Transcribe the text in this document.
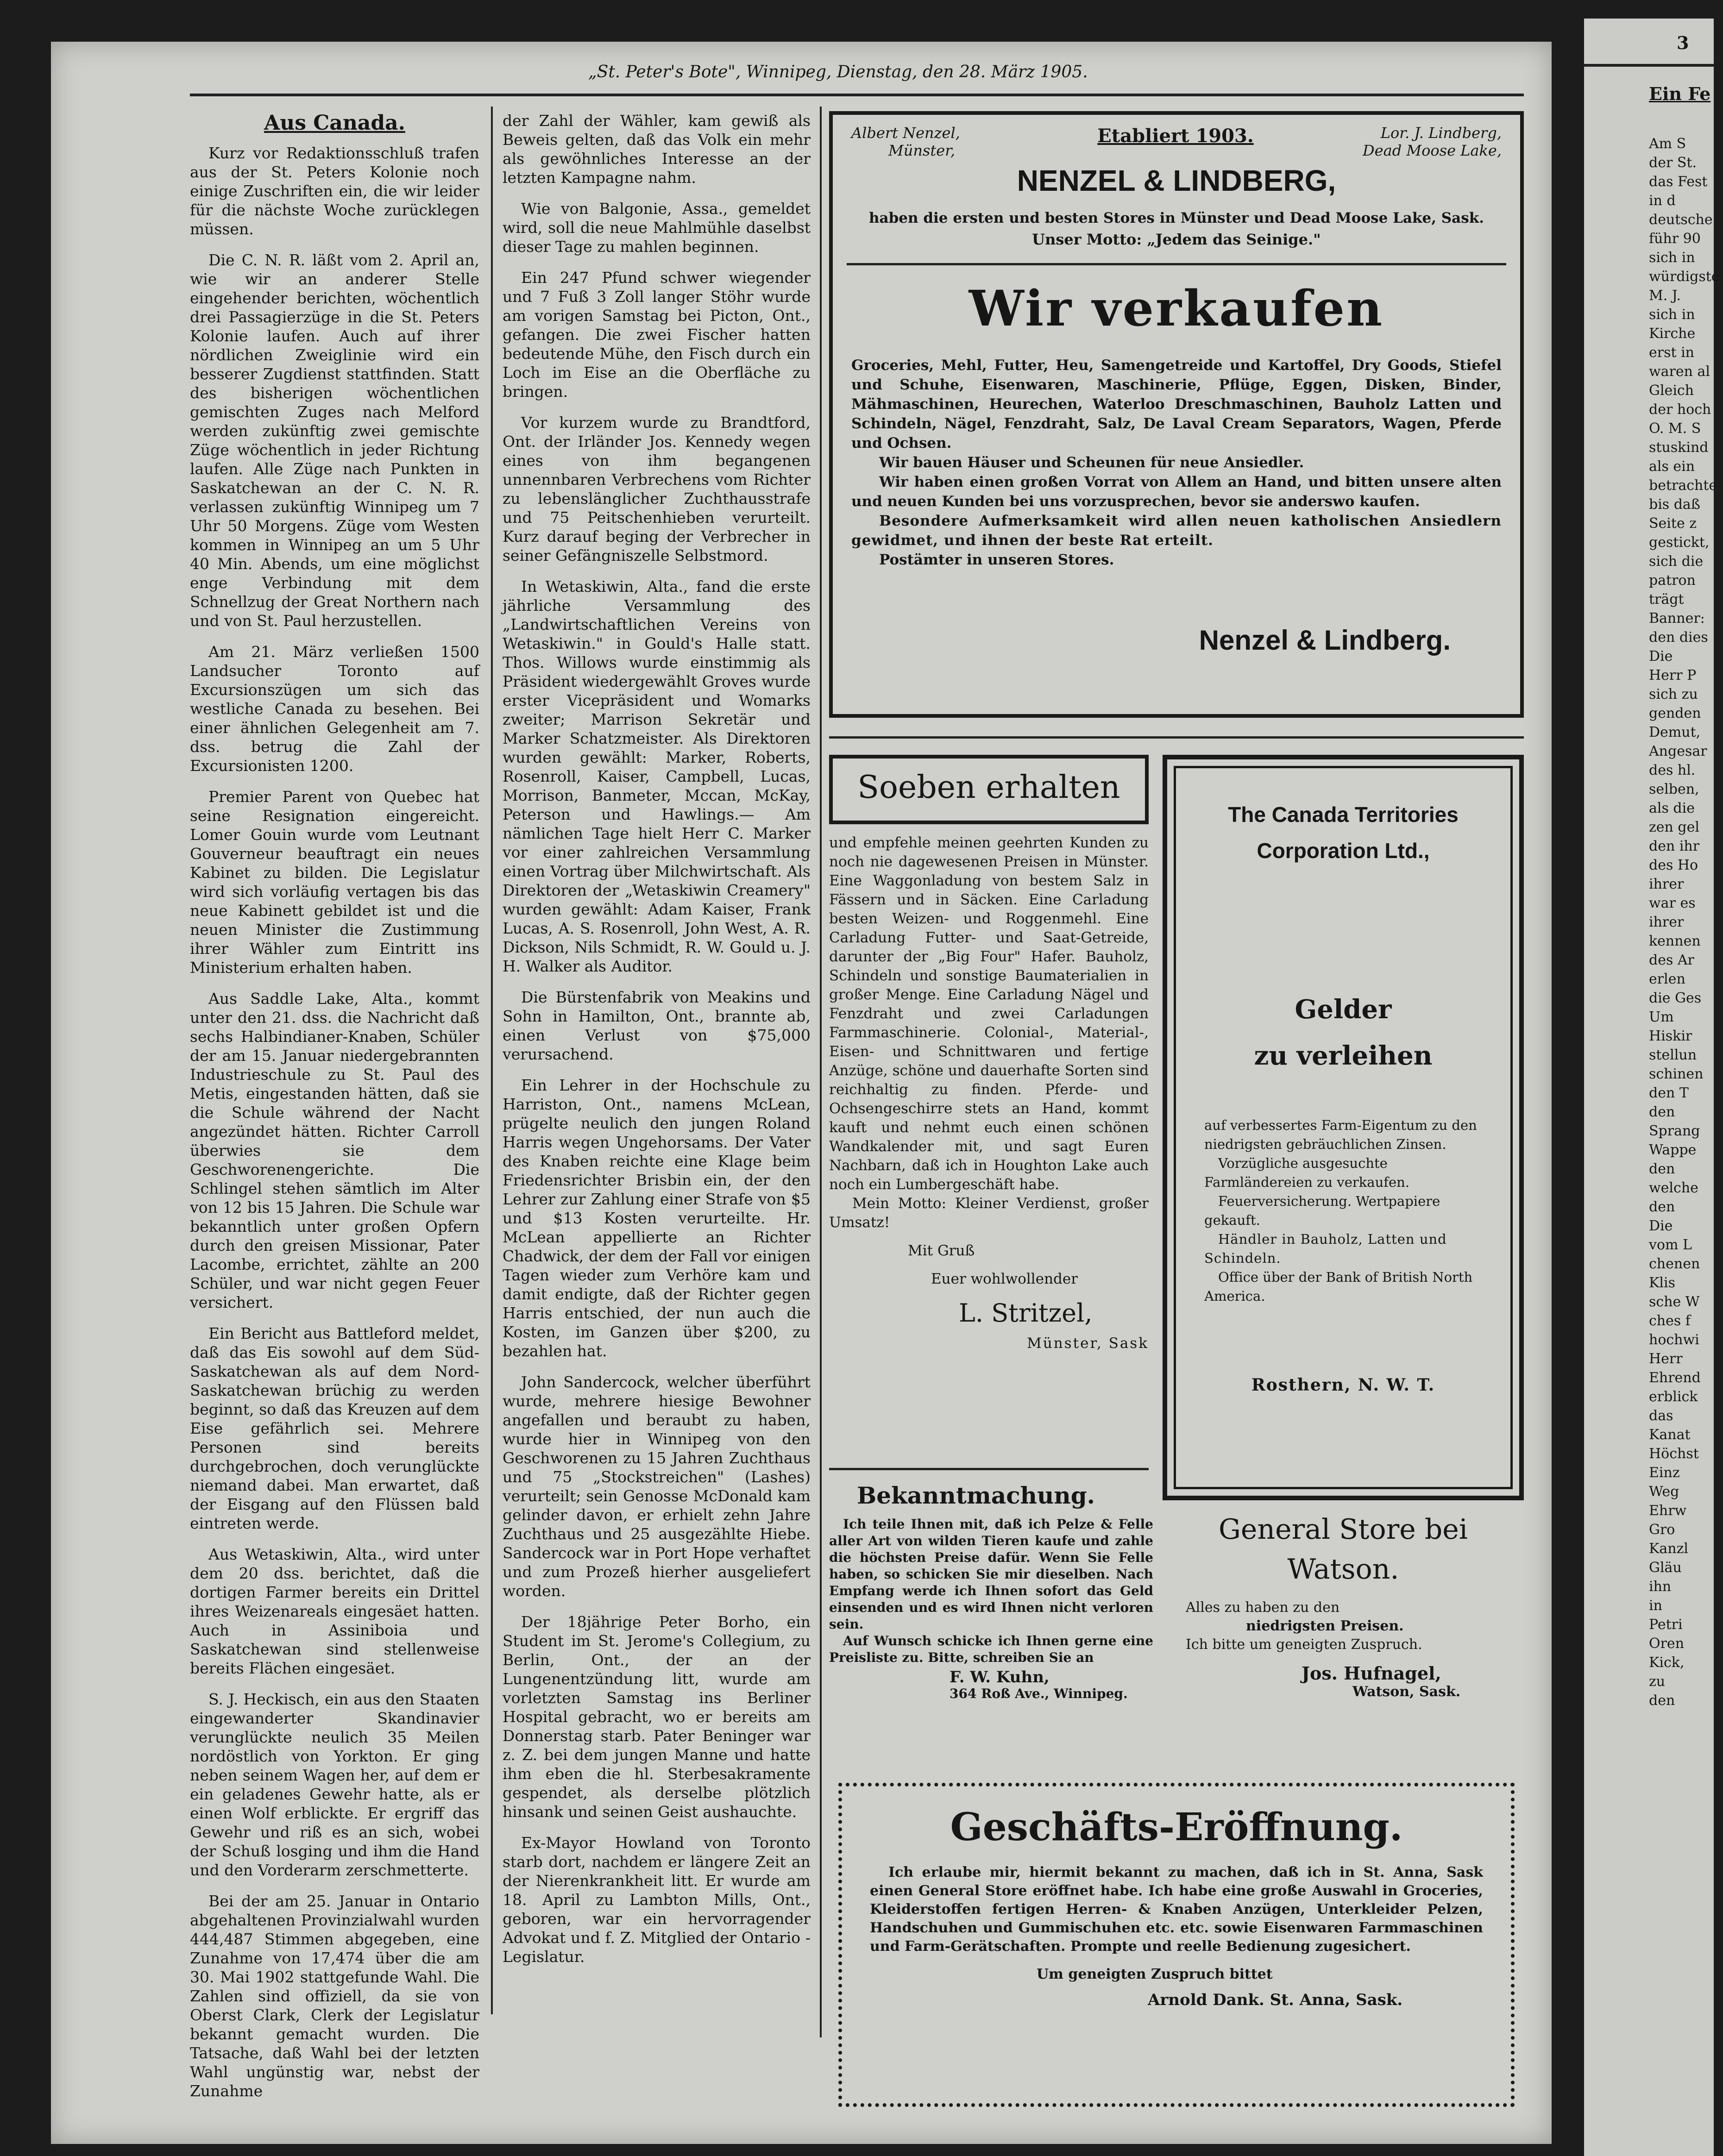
„St. Peter's Bote", Winnipeg, Dienstag, den 28. März 1905.
Aus Canada.

Kurz vor Redaktionsschluß trafen aus der St. Peters Kolonie noch einige Zuschriften ein, die wir leider für die nächste Woche zurücklegen müssen.

Die C. N. R. läßt vom 2. April an, wie wir an anderer Stelle eingehender berichten, wöchentlich drei Passagierzüge in die St. Peters Kolonie laufen. Auch auf ihrer nördlichen Zweiglinie wird ein besserer Zugdienst stattfinden. Statt des bisherigen wöchentlichen gemischten Zuges nach Melford werden zukünftig zwei gemischte Züge wöchentlich in jeder Richtung laufen. Alle Züge nach Punkten in Saskatchewan an der C. N. R. verlassen zukünftig Winnipeg um 7 Uhr 50 Morgens. Züge vom Westen kommen in Winnipeg an um 5 Uhr 40 Min. Abends, um eine möglichst enge Verbindung mit dem Schnellzug der Great Northern nach und von St. Paul herzustellen.

Am 21. März verließen 1500 Landsucher Toronto auf Excursionszügen um sich das westliche Canada zu besehen. Bei einer ähnlichen Gelegenheit am 7. dss. betrug die Zahl der Excursionisten 1200.

Premier Parent von Quebec hat seine Resignation eingereicht. Lomer Gouin wurde vom Leutnant Gouverneur beauftragt ein neues Kabinet zu bilden. Die Legislatur wird sich vorläufig vertagen bis das neue Kabinett gebildet ist und die neuen Minister die Zustimmung ihrer Wähler zum Eintritt ins Ministerium erhalten haben.

Aus Saddle Lake, Alta., kommt unter den 21. dss. die Nachricht daß sechs Halbindianer-Knaben, Schüler der am 15. Januar niedergebrannten Industrieschule zu St. Paul des Metis, eingestanden hätten, daß sie die Schule während der Nacht angezündet hätten. Richter Carroll überwies sie dem Geschworenengerichte. Die Schlingel stehen sämtlich im Alter von 12 bis 15 Jahren. Die Schule war bekanntlich unter großen Opfern durch den greisen Missionar, Pater Lacombe, errichtet, zählte an 200 Schüler, und war nicht gegen Feuer versichert.

Ein Bericht aus Battleford meldet, daß das Eis sowohl auf dem Süd-Saskatchewan als auf dem Nord-Saskatchewan brüchig zu werden beginnt, so daß das Kreuzen auf dem Eise gefährlich sei. Mehrere Personen sind bereits durchgebrochen, doch verunglückte niemand dabei. Man erwartet, daß der Eisgang auf den Flüssen bald eintreten werde.

Aus Wetaskiwin, Alta., wird unter dem 20 dss. berichtet, daß die dortigen Farmer bereits ein Drittel ihres Weizenareals eingesäet hatten. Auch in Assiniboia und Saskatchewan sind stellenweise bereits Flächen eingesäet.

S. J. Heckisch, ein aus den Staaten eingewanderter Skandinavier verunglückte neulich 35 Meilen nordöstlich von Yorkton. Er ging neben seinem Wagen her, auf dem er ein geladenes Gewehr hatte, als er einen Wolf erblickte. Er ergriff das Gewehr und riß es an sich, wobei der Schuß losging und ihm die Hand und den Vorderarm zerschmetterte.

Bei der am 25. Januar in Ontario abgehaltenen Provinzialwahl wurden 444,487 Stimmen abgegeben, eine Zunahme von 17,474 über die am 30. Mai 1902 stattgefunde Wahl. Die Zahlen sind offiziell, da sie von Oberst Clark, Clerk der Legislatur bekannt gemacht wurden. Die Tatsache, daß Wahl bei der letzten Wahl ungünstig war, nebst der Zunahme

der Zahl der Wähler, kam gewiß als Beweis gelten, daß das Volk ein mehr als gewöhnliches Interesse an der letzten Kampagne nahm.

Wie von Balgonie, Assa., gemeldet wird, soll die neue Mahlmühle daselbst dieser Tage zu mahlen beginnen.

Ein 247 Pfund schwer wiegender und 7 Fuß 3 Zoll langer Stöhr wurde am vorigen Samstag bei Picton, Ont., gefangen. Die zwei Fischer hatten bedeutende Mühe, den Fisch durch ein Loch im Eise an die Oberfläche zu bringen.

Vor kurzem wurde zu Brandtford, Ont. der Irländer Jos. Kennedy wegen eines von ihm begangenen unnennbaren Verbrechens vom Richter zu lebenslänglicher Zuchthausstrafe und 75 Peitschenhieben verurteilt. Kurz darauf beging der Verbrecher in seiner Gefängniszelle Selbstmord.

In Wetaskiwin, Alta., fand die erste jährliche Versammlung des „Landwirtschaftlichen Vereins von Wetaskiwin." in Gould's Halle statt. Thos. Willows wurde einstimmig als Präsident wiedergewählt Groves wurde erster Vicepräsident und Womarks zweiter; Marrison Sekretär und Marker Schatzmeister. Als Direktoren wurden gewählt: Marker, Roberts, Rosenroll, Kaiser, Campbell, Lucas, Morrison, Banmeter, Mccan, McKay, Peterson und Hawlings.— Am nämlichen Tage hielt Herr C. Marker vor einer zahlreichen Versammlung einen Vortrag über Milchwirtschaft. Als Direktoren der „Wetaskiwin Creamery" wurden gewählt: Adam Kaiser, Frank Lucas, A. S. Rosenroll, John West, A. R. Dickson, Nils Schmidt, R. W. Gould u. J. H. Walker als Auditor.

Die Bürstenfabrik von Meakins und Sohn in Hamilton, Ont., brannte ab, einen Verlust von $75,000 verursachend.

Ein Lehrer in der Hochschule zu Harriston, Ont., namens McLean, prügelte neulich den jungen Roland Harris wegen Ungehorsams. Der Vater des Knaben reichte eine Klage beim Friedensrichter Brisbin ein, der den Lehrer zur Zahlung einer Strafe von $5 und $13 Kosten verurteilte. Hr. McLean appellierte an Richter Chadwick, der dem der Fall vor einigen Tagen wieder zum Verhöre kam und damit endigte, daß der Richter gegen Harris entschied, der nun auch die Kosten, im Ganzen über $200, zu bezahlen hat.

John Sandercock, welcher überführt wurde, mehrere hiesige Bewohner angefallen und beraubt zu haben, wurde hier in Winnipeg von den Geschworenen zu 15 Jahren Zuchthaus und 75 „Stockstreichen" (Lashes) verurteilt; sein Genosse McDonald kam gelinder davon, er erhielt zehn Jahre Zuchthaus und 25 ausgezählte Hiebe. Sandercock war in Port Hope verhaftet und zum Prozeß hierher ausgeliefert worden.

Der 18jährige Peter Borho, ein Student im St. Jerome's Collegium, zu Berlin, Ont., der an der Lungenentzündung litt, wurde am vorletzten Samstag ins Berliner Hospital gebracht, wo er bereits am Donnerstag starb. Pater Beninger war z. Z. bei dem jungen Manne und hatte ihm eben die hl. Sterbesakramente gespendet, als derselbe plötzlich hinsank und seinen Geist aushauchte.

Ex-Mayor Howland von Toronto starb dort, nachdem er längere Zeit an der Nierenkrankheit litt. Er wurde am 18. April zu Lambton Mills, Ont., geboren, war ein hervorragender Advokat und f. Z. Mitglied der Ontario - Legislatur.

Albert Nenzel,
Münster,
Etabliert 1903.	Lor. J. Lindberg,
Dead Moose Lake,
NENZEL & LINDBERG,
haben die ersten und besten Stores in Münster und Dead Moose Lake, Sask.
Unser Motto: „Jedem das Seinige."
Wir verkaufen
Groceries, Mehl, Futter, Heu, Samengetreide und Kartoffel, Dry Goods, Stiefel und Schuhe, Eisenwaren, Maschinerie, Pflüge, Eggen, Disken, Binder, Mähmaschinen, Heurechen, Waterloo Dreschmaschinen, Bauholz Latten und Schindeln, Nägel, Fenzdraht, Salz, De Laval Cream Separators, Wagen, Pferde und Ochsen.
Wir bauen Häuser und Scheunen für neue Ansiedler.
Wir haben einen großen Vorrat von Allem an Hand, und bitten unsere alten und neuen Kunden bei uns vorzusprechen, bevor sie anderswo kaufen.
Besondere Aufmerksamkeit wird allen neuen katholischen Ansiedlern gewidmet, und ihnen der beste Rat erteilt.
Postämter in unseren Stores.
Nenzel & Lindberg.
Soeben erhalten
und empfehle meinen geehrten Kunden zu noch nie dagewesenen Preisen in Münster. Eine Waggonladung von bestem Salz in Fässern und in Säcken. Eine Carladung besten Weizen- und Roggenmehl. Eine Carladung Futter- und Saat-Getreide, darunter der „Big Four" Hafer. Bauholz, Schindeln und sonstige Baumaterialien in großer Menge. Eine Carladung Nägel und Fenzdraht und zwei Carladungen Farmmaschinerie. Colonial-, Material-, Eisen- und Schnittwaren und fertige Anzüge, schöne und dauerhafte Sorten sind reichhaltig zu finden. Pferde- und Ochsengeschirre stets an Hand, kommt kauft und nehmt euch einen schönen Wandkalender mit, und sagt Euren Nachbarn, daß ich in Houghton Lake auch noch ein Lumbergeschäft habe.
Mein Motto: Kleiner Verdienst, großer Umsatz!
Mit Gruß
Euer wohlwollender
L. Stritzel,
Münster, Sask
The Canada Territories
Corporation Ltd.,
Gelder
zu verleihen
auf verbessertes Farm-Eigentum zu den niedrigsten gebräuchlichen Zinsen.
Vorzügliche ausgesuchte Farmländereien zu verkaufen.
Feuerversicherung. Wertpapiere gekauft.
Händler in Bauholz, Latten und Schindeln.
Office über der Bank of British North America.
Rosthern, N. W. T.
Bekanntmachung.
Ich teile Ihnen mit, daß ich Pelze & Felle aller Art von wilden Tieren kaufe und zahle die höchsten Preise dafür. Wenn Sie Felle haben, so schicken Sie mir dieselben. Nach Empfang werde ich Ihnen sofort das Geld einsenden und es wird Ihnen nicht verloren sein.
Auf Wunsch schicke ich Ihnen gerne eine Preisliste zu. Bitte, schreiben Sie an
F. W. Kuhn,
364 Roß Ave., Winnipeg.
General Store bei
Watson.
Alles zu haben zu den
niedrigsten Preisen.
Ich bitte um geneigten Zuspruch.
Jos. Hufnagel,
Watson, Sask.
Geschäfts-Eröffnung.
Ich erlaube mir, hiermit bekannt zu machen, daß ich in St. Anna, Sask einen General Store eröffnet habe. Ich habe eine große Auswahl in Groceries, Kleiderstoffen fertigen Herren- & Knaben Anzügen, Unterkleider Pelzen, Handschuhen und Gummischuhen etc. etc. sowie Eisenwaren Farmmaschinen und Farm-Gerätschaften. Prompte und reelle Bedienung zugesichert.
Um geneigten Zuspruch bittet
Arnold Dank. St. Anna, Sask.
3
Ein Fe
Am S
der St.
das Fest
in d
deutsche
führ 90
sich in
würdigste
M. J.
sich in
Kirche
erst in
waren al
Gleich
der hoch
O. M. S
stuskind
als ein
betrachte
bis daß
Seite z
gestickt,
sich die
patron
trägt
Banner:
den dies
Die
Herr P
sich zu
genden
Demut,
Angesar
des hl.
selben,
als die
zen gel
den ihr
des Ho
ihrer
war es
ihrer
kennen
des Ar
erlen
die Ges
Um
Hiskir
stellun
schinen
den T
den
Sprang
Wappe
den
welche
den
Die
vom L
chenen
Klis
sche W
ches f
hochwi
Herr
Ehrend
erblick
das
Kanat
Höchst
Einz
Weg
Ehrw
Gro
Kanzl
Gläu
ihn
in
Petri
Oren
Kick,
zu
den
